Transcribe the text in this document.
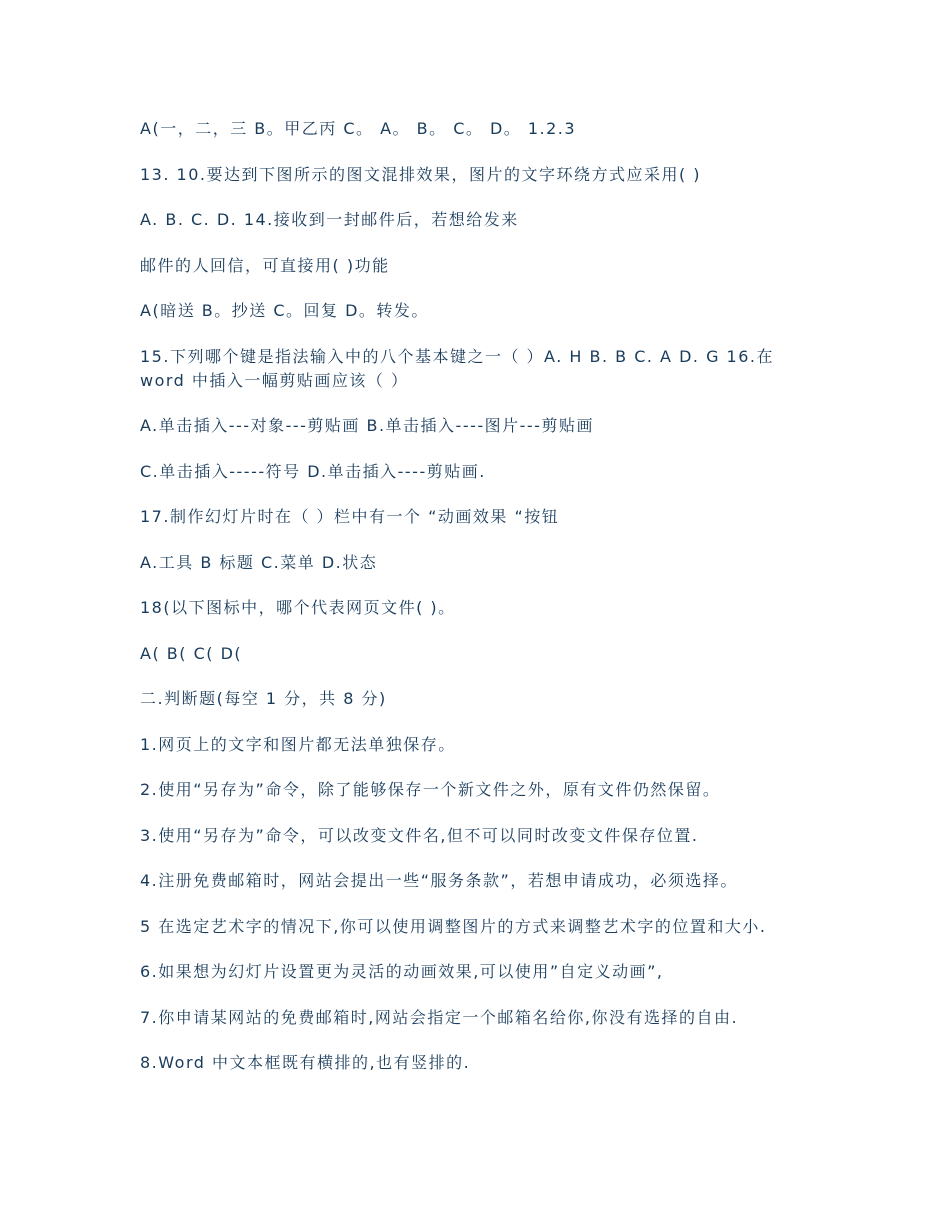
A(一，二，三 B。甲乙丙 C。 A。 B。 C。 D。 1.2.3

13. 10.要达到下图所示的图文混排效果，图片的文字环绕方式应采用( )

A. B. C. D. 14.接收到一封邮件后，若想给发来

邮件的人回信，可直接用( )功能

A(暗送 B。抄送 C。回复 D。转发。

15.下列哪个键是指法输入中的八个基本键之一（ ）A. H B. B C. A D. G 16.在 word 中插入一幅剪贴画应该（ ）

A.单击插入---对象---剪贴画 B.单击插入----图片---剪贴画

C.单击插入-----符号 D.单击插入----剪贴画.

17.制作幻灯片时在（ ）栏中有一个 “动画效果 “按钮

A.工具 B 标题 C.菜单 D.状态

18(以下图标中，哪个代表网页文件( )。

A( B( C( D(

二.判断题(每空 1 分，共 8 分)

1.网页上的文字和图片都无法单独保存。

2.使用“另存为”命令，除了能够保存一个新文件之外，原有文件仍然保留。

3.使用“另存为”命令，可以改变文件名,但不可以同时改变文件保存位置.

4.注册免费邮箱时，网站会提出一些“服务条款”，若想申请成功，必须选择。

5 在选定艺术字的情况下,你可以使用调整图片的方式来调整艺术字的位置和大小.

6.如果想为幻灯片设置更为灵活的动画效果,可以使用”自定义动画”,

7.你申请某网站的免费邮箱时,网站会指定一个邮箱名给你,你没有选择的自由.

8.Word 中文本框既有横排的,也有竖排的.
